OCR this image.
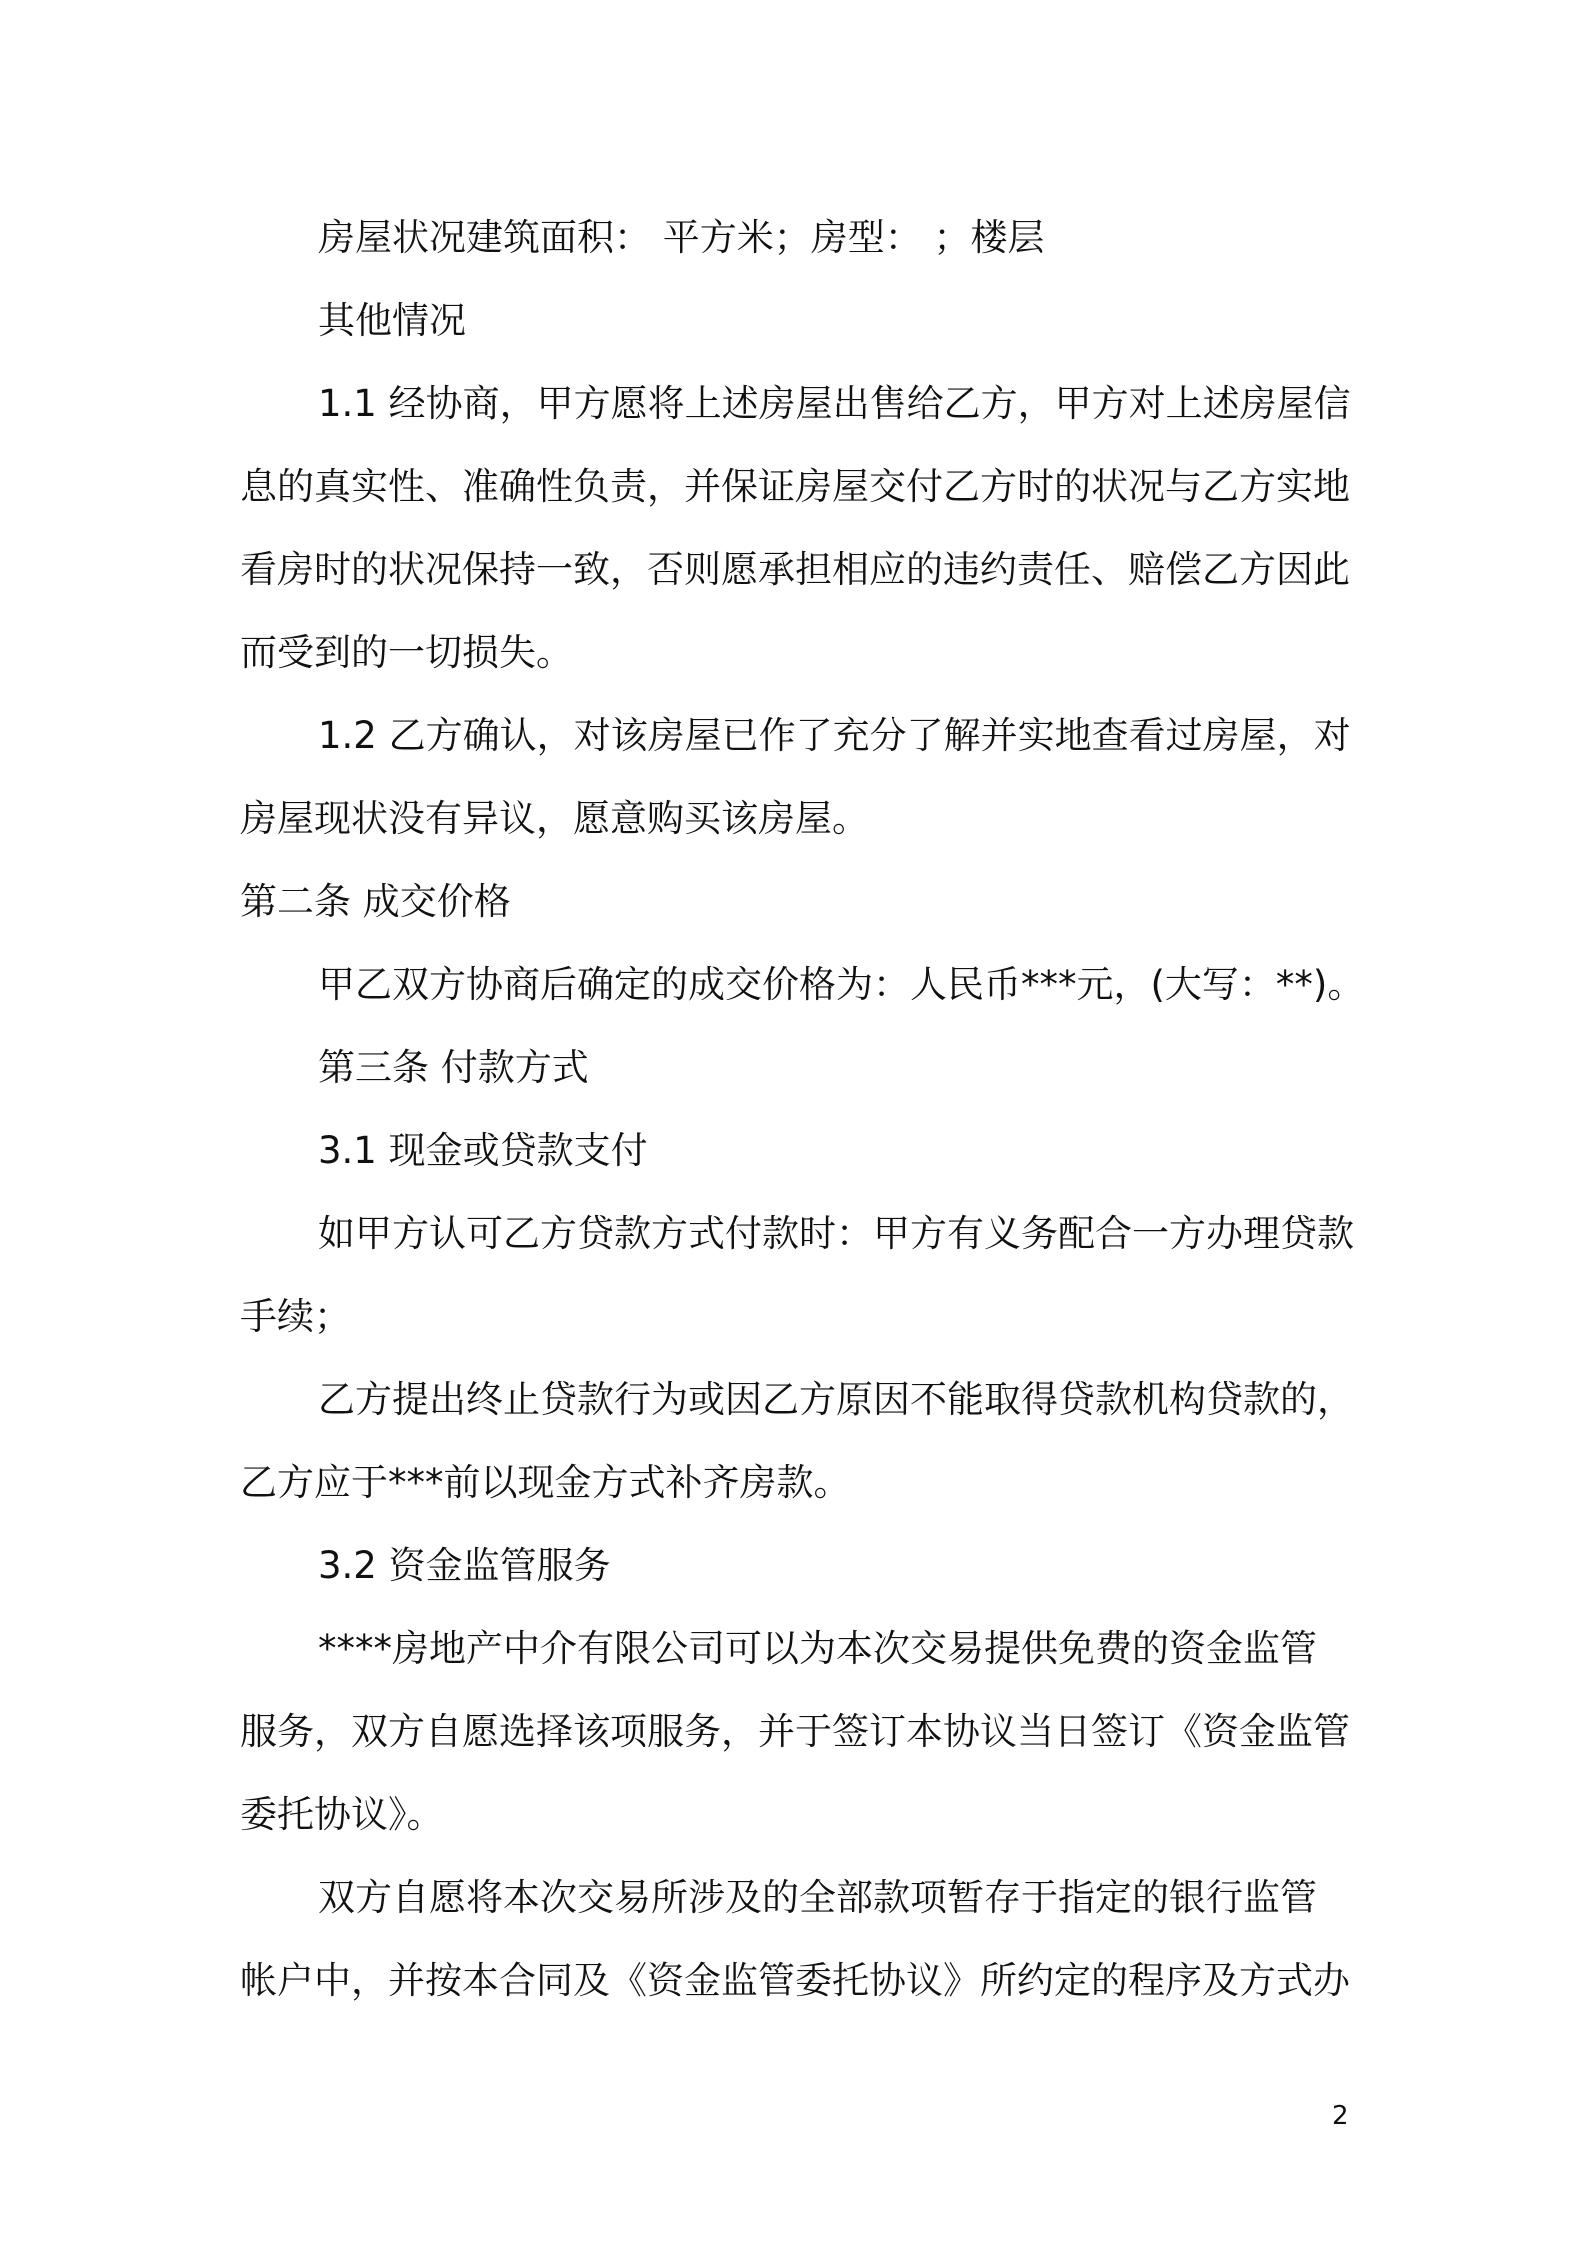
房屋状况建筑面积： 平方米；房型： ；楼层

其他情况

1.1 经协商，甲方愿将上述房屋出售给乙方，甲方对上述房屋信

息的真实性、准确性负责，并保证房屋交付乙方时的状况与乙方实地

看房时的状况保持一致，否则愿承担相应的违约责任、赔偿乙方因此

而受到的一切损失。

1.2 乙方确认，对该房屋已作了充分了解并实地查看过房屋，对

房屋现状没有异议，愿意购买该房屋。

第二条 成交价格

甲乙双方协商后确定的成交价格为：人民币***元，(大写：**)。

第三条 付款方式

3.1 现金或贷款支付

如甲方认可乙方贷款方式付款时：甲方有义务配合一方办理贷款

手续；

乙方提出终止贷款行为或因乙方原因不能取得贷款机构贷款的，

乙方应于***前以现金方式补齐房款。

3.2 资金监管服务

****房地产中介有限公司可以为本次交易提供免费的资金监管

服务，双方自愿选择该项服务，并于签订本协议当日签订《资金监管

委托协议》。

双方自愿将本次交易所涉及的全部款项暂存于指定的银行监管

帐户中，并按本合同及《资金监管委托协议》所约定的程序及方式办

2
